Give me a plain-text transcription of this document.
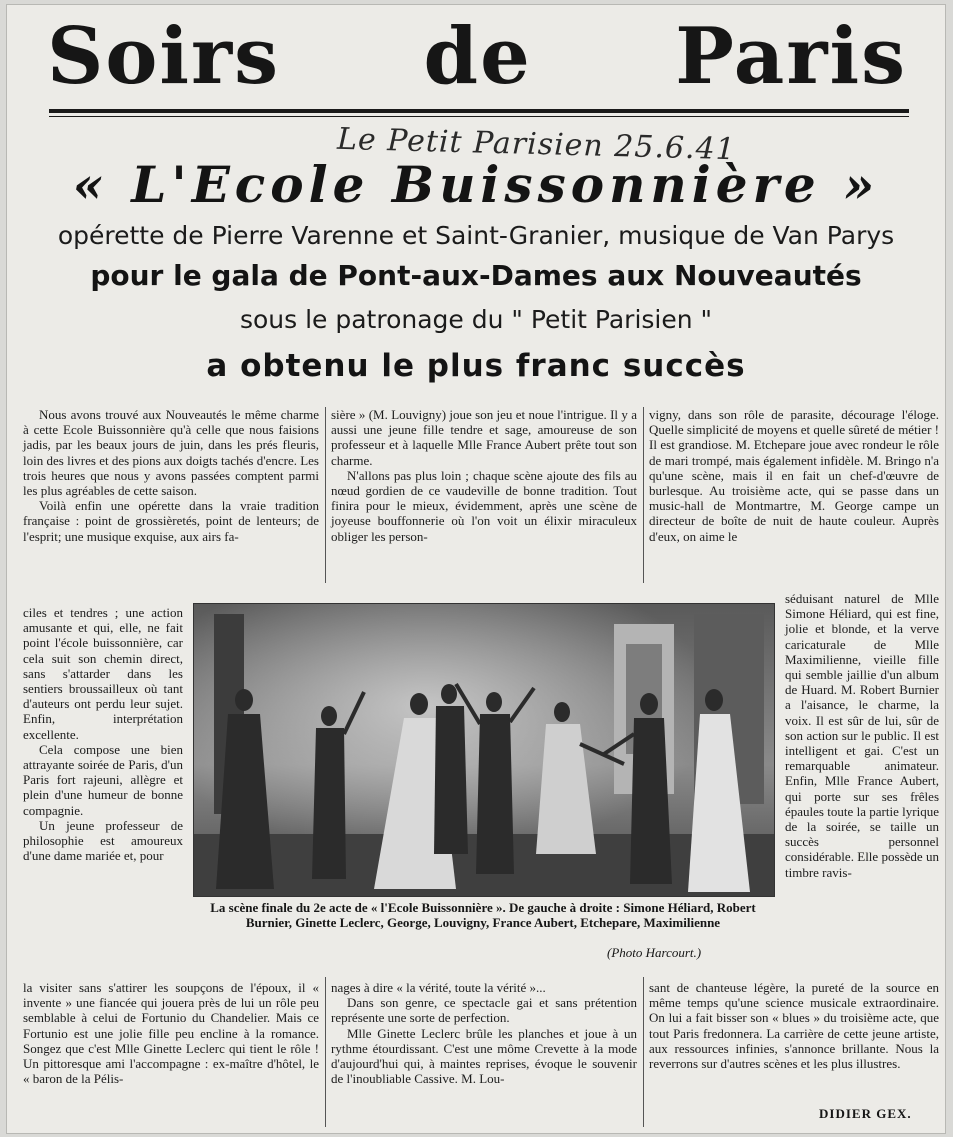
Soirs de Paris
Le Petit Parisien 25.6.41
« L'Ecole Buissonnière »
opérette de Pierre Varenne et Saint-Granier, musique de Van Parys
pour le gala de Pont-aux-Dames aux Nouveautés
sous le patronage du " Petit Parisien "
a obtenu le plus franc succès

Nous avons trouvé aux Nouveautés le même charme à cette Ecole Buissonnière qu'à celle que nous faisions jadis, par les beaux jours de juin, dans les prés fleuris, loin des livres et des pions aux doigts tachés d'encre. Les trois heures que nous y avons passées comptent parmi les plus agréables de cette saison.

Voilà enfin une opérette dans la vraie tradition française : point de grossièretés, point de lenteurs; de l'esprit; une musique exquise, aux airs fa-

ciles et tendres ; une action amusante et qui, elle, ne fait point l'école buissonnière, car cela suit son chemin direct, sans s'attarder dans les sentiers broussailleux où tant d'auteurs ont perdu leur sujet. Enfin, interprétation excellente.

Cela compose une bien attrayante soirée de Paris, d'un Paris fort rajeuni, allègre et plein d'une humeur de bonne compagnie.

Un jeune professeur de philosophie est amoureux d'une dame mariée et, pour

la visiter sans s'attirer les soupçons de l'époux, il « invente » une fiancée qui jouera près de lui un rôle peu semblable à celui de Fortunio du Chandelier. Mais ce Fortunio est une jolie fille peu encline à la romance. Songez que c'est Mlle Ginette Leclerc qui tient le rôle ! Un pittoresque ami l'accompagne : ex-maître d'hôtel, le « baron de la Pélis-

sière » (M. Louvigny) joue son jeu et noue l'intrigue. Il y a aussi une jeune fille tendre et sage, amoureuse de son professeur et à laquelle Mlle France Aubert prête tout son charme.

N'allons pas plus loin ; chaque scène ajoute des fils au nœud gordien de ce vaudeville de bonne tradition. Tout finira pour le mieux, évidemment, après une scène de joyeuse bouffonnerie où l'on voit un élixir miraculeux obliger les person-

nages à dire « la vérité, toute la vérité »...

Dans son genre, ce spectacle gai et sans prétention représente une sorte de perfection.

Mlle Ginette Leclerc brûle les planches et joue à un rythme étourdissant. C'est une môme Crevette à la mode d'aujourd'hui qui, à maintes reprises, évoque le souvenir de l'inoubliable Cassive. M. Lou-

vigny, dans son rôle de parasite, décourage l'éloge. Quelle simplicité de moyens et quelle sûreté de métier ! Il est grandiose. M. Etchepare joue avec rondeur le rôle de mari trompé, mais également infidèle. M. Bringo n'a qu'une scène, mais il en fait un chef-d'œuvre de burlesque. Au troisième acte, qui se passe dans un music-hall de Montmartre, M. George campe un directeur de boîte de nuit de haute couleur. Auprès d'eux, on aime le

séduisant naturel de Mlle Simone Héliard, qui est fine, jolie et blonde, et la verve caricaturale de Mlle Maximilienne, vieille fille qui semble jaillie d'un album de Huard. M. Robert Burnier a l'aisance, le charme, la voix. Il est sûr de lui, sûr de son action sur le public. Il est intelligent et gai. C'est un remarquable animateur. Enfin, Mlle France Aubert, qui porte sur ses frêles épaules toute la partie lyrique de la soirée, se taille un succès personnel considérable. Elle possède un timbre ravis-

sant de chanteuse légère, la pureté de la source en même temps qu'une science musicale extraordinaire. On lui a fait bisser son « blues » du troisième acte, que tout Paris fredonnera. La carrière de cette jeune artiste, aux ressources infinies, s'annonce brillante. Nous la reverrons sur d'autres scènes et les plus illustres.

La scène finale du 2e acte de « l'Ecole Buissonnière ». De gauche à droite : Simone Héliard, Robert Burnier, Ginette Leclerc, George, Louvigny, France Aubert, Etchepare, Maximilienne
(Photo Harcourt.)
DIDIER GEX.
